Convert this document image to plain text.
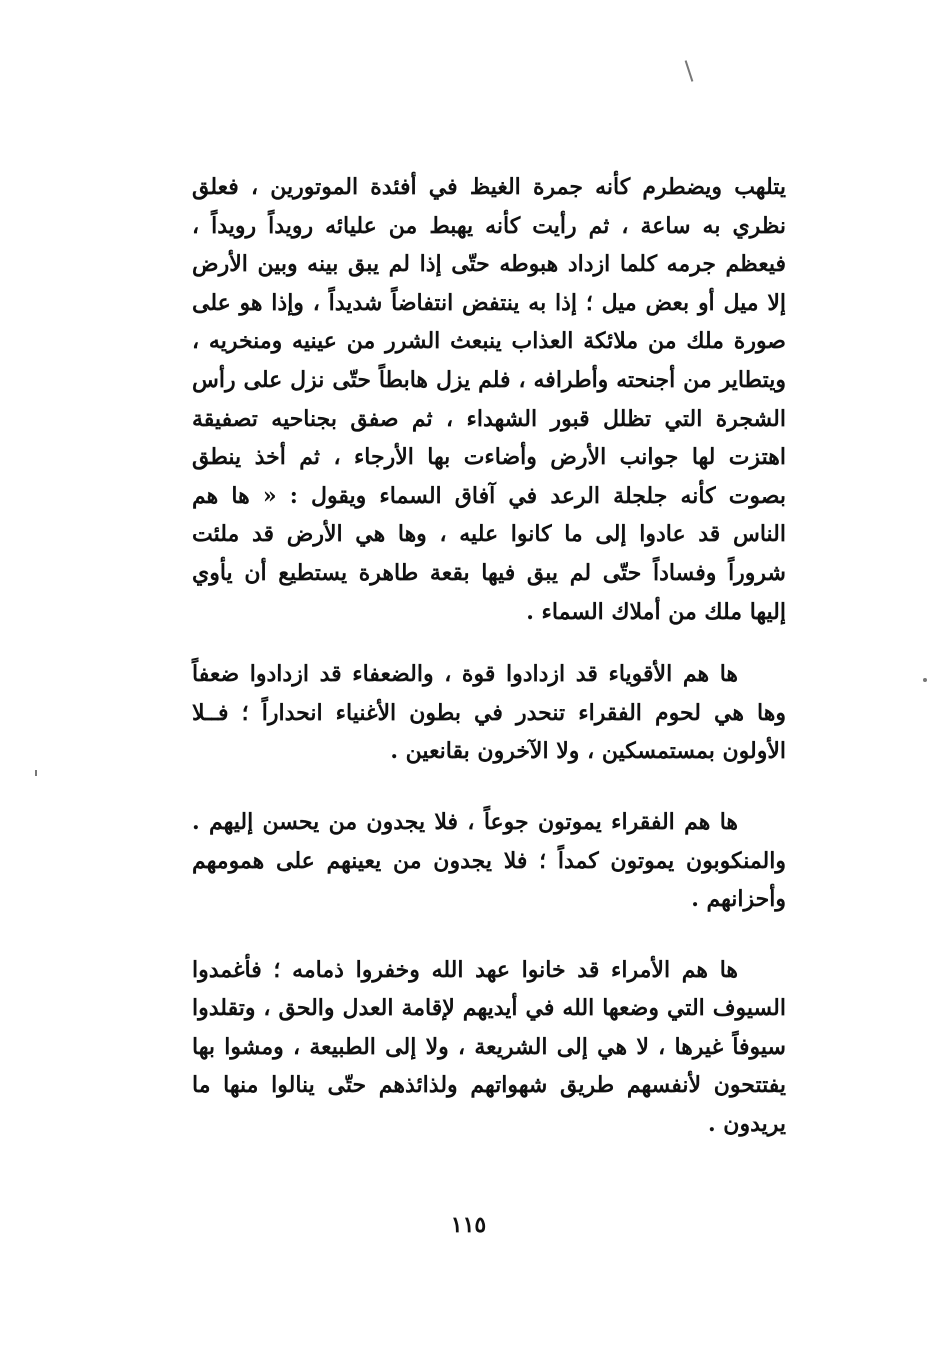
يتلهب ويضطرم كأنه جمرة الغيظ في أفئدة الموتورين ، فعلق نظري به ساعة ، ثم رأيت كأنه يهبط من عليائه رويداً رويداً ، فيعظم جرمه كلما ازداد هبوطه حتّى إذا لم يبق بينه وبين الأرض إلا ميل أو بعض ميل ؛ إذا به ينتفض انتفاضاً شديداً ، وإذا هو على صورة ملك من ملائكة العذاب ينبعث الشرر من عينيه ومنخريه ، ويتطاير من أجنحته وأطرافه ، فلم يزل هابطاً حتّى نزل على رأس الشجرة التي تظلل قبور الشهداء ، ثم صفق بجناحيه تصفيقة اهتزت لها جوانب الأرض وأضاءت بها الأرجاء ، ثم أخذ ينطق بصوت كأنه جلجلة الرعد في آفاق السماء ويقول : « ها هم الناس قد عادوا إلى ما كانوا عليه ، وها هي الأرض قد ملئت شروراً وفساداً حتّى لم يبق فيها بقعة طاهرة يستطيع أن يأوي إليها ملك من أملاك السماء .

ها هم الأقوياء قد ازدادوا قوة ، والضعفاء قد ازدادوا ضعفاً وها هي لحوم الفقراء تنحدر في بطون الأغنياء انحداراً ؛ فــلا الأولون بمستمسكين ، ولا الآخرون بقانعين .

ها هم الفقراء يموتون جوعاً ، فلا يجدون من يحسن إليهم . والمنكوبون يموتون كمداً ؛ فلا يجدون من يعينهم على همومهم وأحزانهم .

ها هم الأمراء قد خانوا عهد الله وخفروا ذمامه ؛ فأغمدوا السيوف التي وضعها الله في أيديهم لإقامة العدل والحق ، وتقلدوا سيوفاً غيرها ، لا هي إلى الشريعة ، ولا إلى الطبيعة ، ومشوا بها يفتتحون لأنفسهم طريق شهواتهم ولذائذهم حتّى ينالوا منها ما يريدون .

١١٥
